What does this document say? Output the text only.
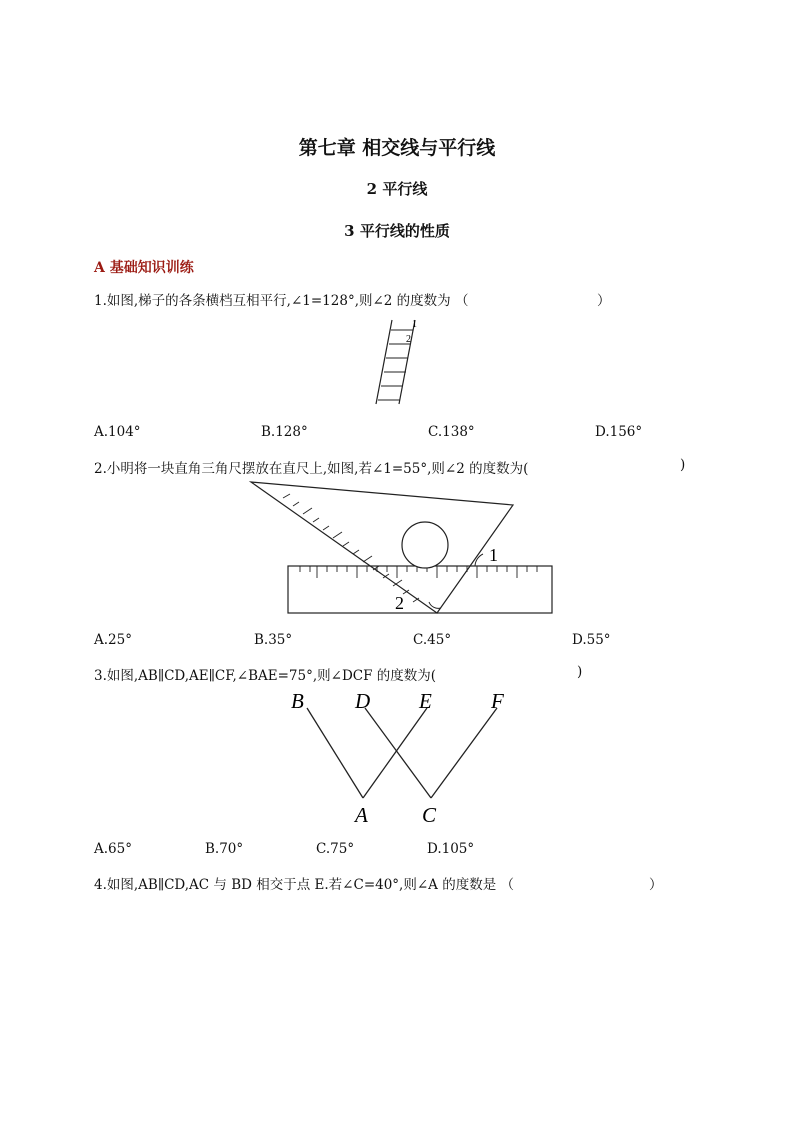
第七章 相交线与平行线
2 平行线
3 平行线的性质
A 基础知识训练
1.如图,梯子的各条横档互相平行,∠1=128°,则∠2 的度数为 （	）
1
2
A.104°	B.128°	C.138°	D.156°
2.小明将一块直角三角尺摆放在直尺上,如图,若∠1=55°,则∠2 的度数为(	)
1
2
A.25°	B.35°	C.45°	D.55°
3.如图,AB∥CD,AE∥CF,∠BAE=75°,则∠DCF 的度数为(	)
B D E	F
A	C
A.65°	B.70°	C.75°	D.105°
4.如图,AB∥CD,AC 与 BD 相交于点 E.若∠C=40°,则∠A 的度数是 （	）
